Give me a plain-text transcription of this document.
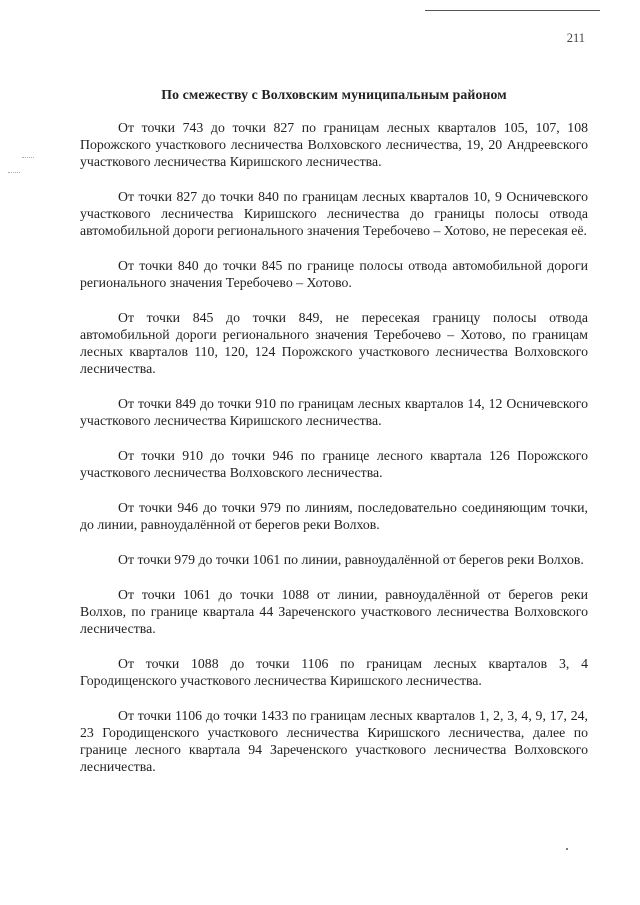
211
По смежеству с Волховским муниципальным районом

От точки 743 до точки 827 по границам лесных кварталов 105, 107, 108 Порожского участкового лесничества Волховского лесничества, 19, 20 Андреевского участкового лесничества Киришского лесничества.

От точки 827 до точки 840 по границам лесных кварталов 10, 9 Осничевского участкового лесничества Киришского лесничества до границы полосы отвода автомобильной дороги регионального значения Теребочево – Хотово, не пересекая её.

От точки 840 до точки 845 по границе полосы отвода автомобильной дороги регионального значения Теребочево – Хотово.

От точки 845 до точки 849, не пересекая границу полосы отвода автомобильной дороги регионального значения Теребочево – Хотово, по границам лесных кварталов 110, 120, 124 Порожского участкового лесничества Волховского лесничества.

От точки 849 до точки 910 по границам лесных кварталов 14, 12 Осничевского участкового лесничества Киришского лесничества.

От точки 910 до точки 946 по границе лесного квартала 126 Порожского участкового лесничества Волховского лесничества.

От точки 946 до точки 979 по линиям, последовательно соединяющим точки, до линии, равноудалённой от берегов реки Волхов.

От точки 979 до точки 1061 по линии, равноудалённой от берегов реки Волхов.

От точки 1061 до точки 1088 от линии, равноудалённой от берегов реки Волхов, по границе квартала 44 Зареченского участкового лесничества Волховского лесничества.

От точки 1088 до точки 1106 по границам лесных кварталов 3, 4 Городищенского участкового лесничества Киришского лесничества.

От точки 1106 до точки 1433 по границам лесных кварталов 1, 2, 3, 4, 9, 17, 24, 23 Городищенского участкового лесничества Киришского лесничества, далее по границе лесного квартала 94 Зареченского участкового лесничества Волховского лесничества.
